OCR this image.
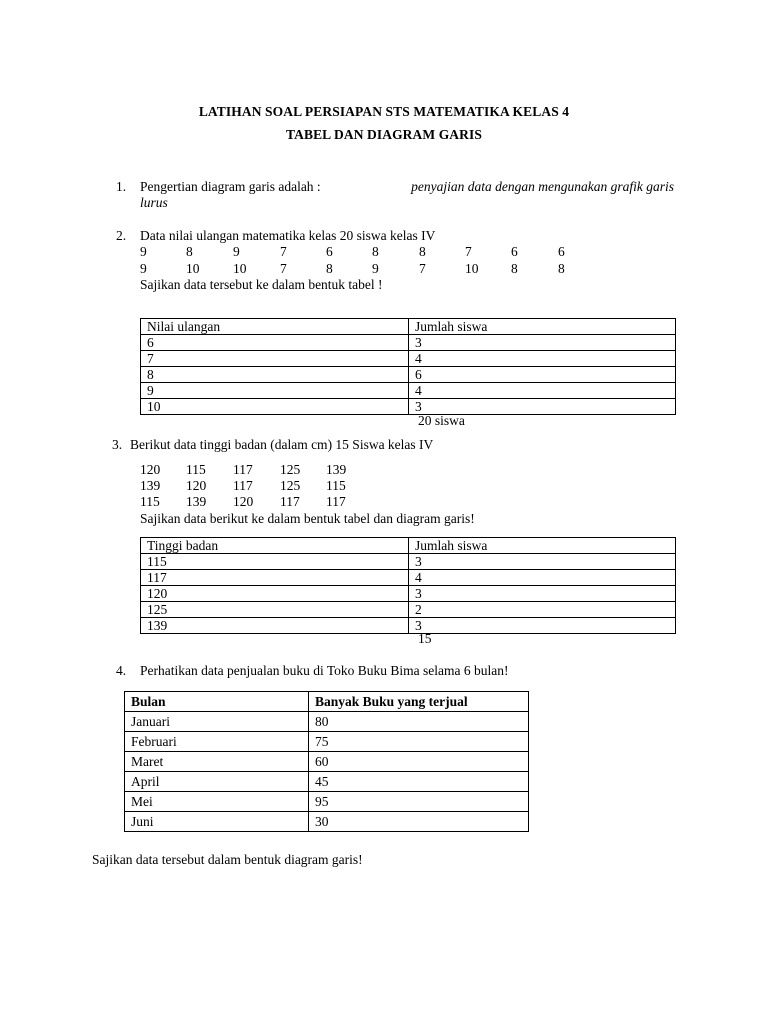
LATIHAN SOAL PERSIAPAN STS MATEMATIKA KELAS 4
TABEL DAN DIAGRAM GARIS
1. Pengertian diagram garis adalah :	penyajian data dengan mengunakan grafik garis
lurus
2. Data nilai ulangan matematika kelas 20 siswa kelas IV
9	8	9	7	6	8	8	7	6	6
9	10 10 7	8	9	7	10 8	8
Sajikan data tersebut ke dalam bentuk tabel !
Nilai ulangan	Jumlah siswa
6	3
7	4
8	6
9	4
10	3
20 siswa
3. Berikut data tinggi badan (dalam cm) 15 Siswa kelas IV
120 115 117 125 139
139 120 117 125 115
115 139 120 117 117
Sajikan data berikut ke dalam bentuk tabel dan diagram garis!
Tinggi badan	Jumlah siswa
115	3
117	4
120	3
125	2
139	3
15
4. Perhatikan data penjualan buku di Toko Buku Bima selama 6 bulan!
Bulan	Banyak Buku yang terjual
Januari	80
Februari	75
Maret	60
April	45
Mei	95
Juni	30
Sajikan data tersebut dalam bentuk diagram garis!
